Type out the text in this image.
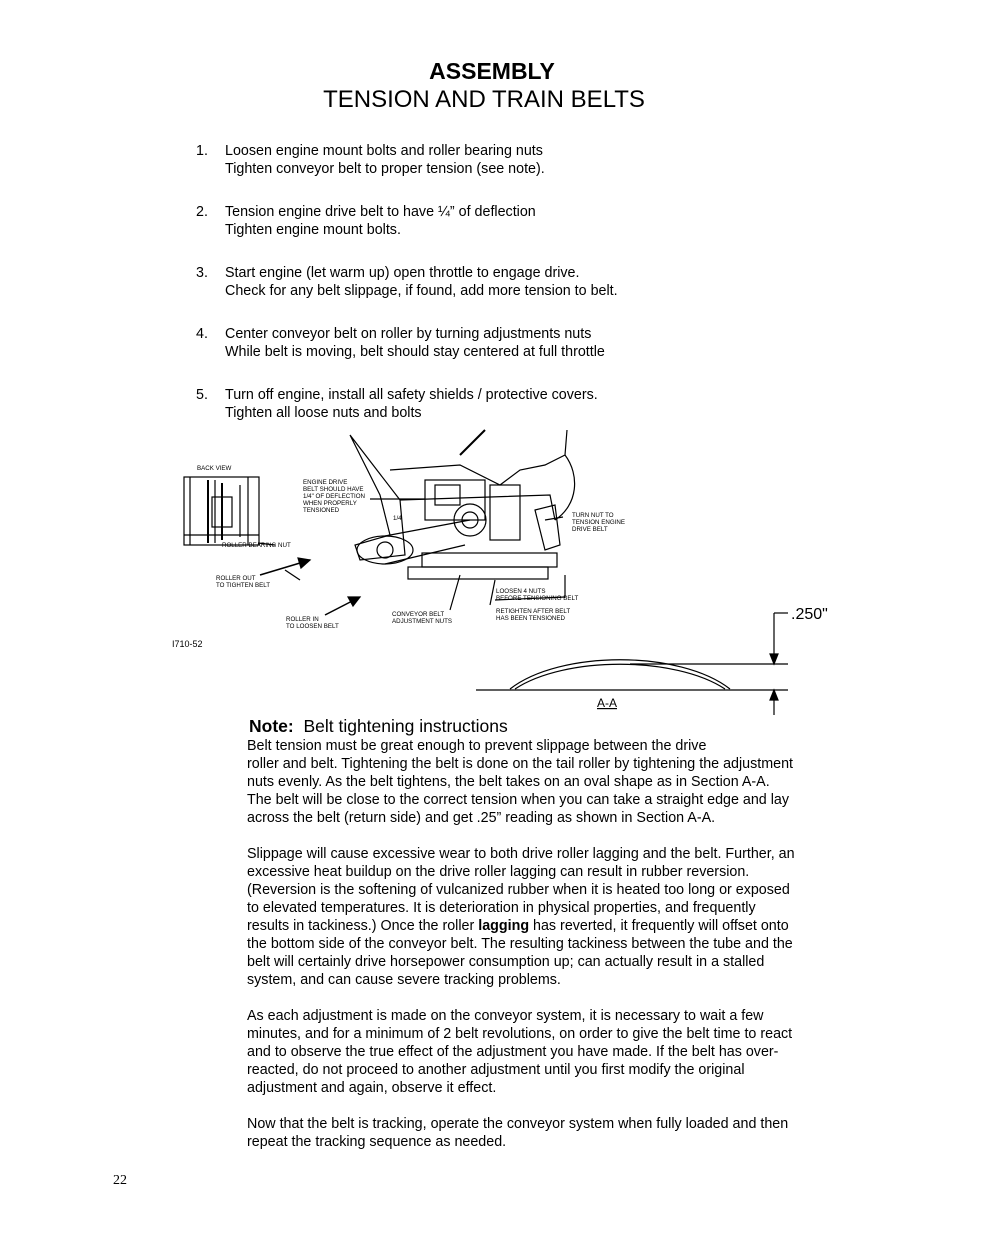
ASSEMBLY
TENSION AND TRAIN BELTS
1. Loosen engine mount bolts and roller bearing nuts
Tighten conveyor belt to proper tension (see note).
2. Tension engine drive belt to have ¼” of deflection
Tighten engine mount bolts.
3. Start engine (let warm up) open throttle to engage drive.
Check for any belt slippage, if found, add more tension to belt.
4. Center conveyor belt on roller by turning adjustments nuts
While belt is moving, belt should stay centered at full throttle
5. Turn off engine, install all safety shields / protective covers.
Tighten all loose nuts and bolts
BACK VIEW
ENGINE DRIVE
BELT SHOULD HAVE
1/4" OF DEFLECTION
WHEN PROPERLY
TENSIONED
1/4	TURN NUT TO
TENSION ENGINE
DRIVE BELT
ROLLER BEARING NUT
ROLLER OUT
TO TIGHTEN BELT
ROLLER IN
TO LOOSEN BELT
CONVEYOR BELT
ADJUSTMENT NUTS
LOOSEN 4 NUTS
BEFORE TENSIONING BELT
RETIGHTEN AFTER BELT
HAS BEEN TENSIONED
I710-52
.250"
A-A
Note: Belt tightening instructions

Belt tension must be great enough to prevent slippage between the drive
roller and belt. Tightening the belt is done on the tail roller by tightening the adjustment
nuts evenly. As the belt tightens, the belt takes on an oval shape as in Section A-A.
The belt will be close to the correct tension when you can take a straight edge and lay
across the belt (return side) and get .25” reading as shown in Section A-A.

Slippage will cause excessive wear to both drive roller lagging and the belt. Further, an
excessive heat buildup on the drive roller lagging can result in rubber reversion.
(Reversion is the softening of vulcanized rubber when it is heated too long or exposed
to elevated temperatures. It is deterioration in physical properties, and frequently
results in tackiness.) Once the roller lagging has reverted, it frequently will offset onto
the bottom side of the conveyor belt. The resulting tackiness between the tube and the
belt will certainly drive horsepower consumption up; can actually result in a stalled
system, and can cause severe tracking problems.

As each adjustment is made on the conveyor system, it is necessary to wait a few
minutes, and for a minimum of 2 belt revolutions, on order to give the belt time to react
and to observe the true effect of the adjustment you have made. If the belt has over-
reacted, do not proceed to another adjustment until you first modify the original
adjustment and again, observe it effect.

Now that the belt is tracking, operate the conveyor system when fully loaded and then
repeat the tracking sequence as needed.

22
